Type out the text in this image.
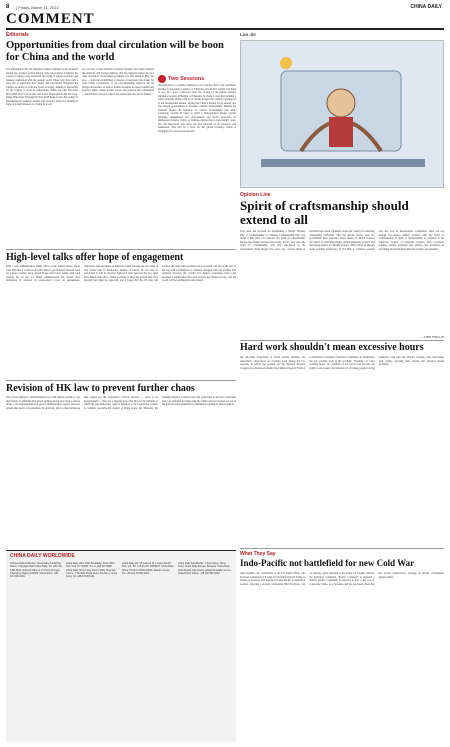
8 | Friday, March 11, 2022	CHINA DAILY
COMMENT
Editorials
Opportunities from dual circulation will be boon for China and the world
It is indisputable that the emphasis China is putting on the domestic market has sparked worries among some who believe it implies the country is taking a step backward and trying to reduce economic and business interaction with the outside world. Those who hold such a view fail to appreciate how deeply and irreversibly integrated the Chinese economy is with the world economy, making it impossible for the country to sever its connections. While the 14th Five-Year Plan (2021-25) for Economic and Social Development and the Long-Range Objectives Through the Year 2035 make it clear the country is prioritizing the domestic market, that does not mean it is turning its back on foreign markets or closing its doors.
It is in view of the mutually boosting dynamic that exists between the domestic and foreign markets, that has happened since the new 'dual circulation' development paradigm was first raised in May last year — from the establishing of dozens of integrated pilot zones for cross-border e-commerce, to an ever-shortening negative list for foreign investment, as well as further measures to protect intellectual property rights, widen market access and promote fair competition — should have served to dispel any doubts that exist about China's
Two Sessions
determination to continue opening up its economy. But if any remained, Premier Li Keqiang's remarks on Thursday should have finally laid them to rest. In a news conference after the closing of the annual national legislative session in Beijing on Thursday, he made it clear that building a robust domestic market will by no means hamper the country's opening up to the international market, saying that China's market is big enough and has enough opportunities to promote common development. Making the domestic market the mainstay for China's development will entail advancing reforms in order to build a high-standard market system featuring strengthened law enforcement and better protection of intellectual property rights. A Chinese market that is increasingly open, fair and innovative will serve the best interests of all investors and businesses. This will be a boon for the global economy, which is struggling for recovery and growth.
Luo Jie
Opinion Line
Spirit of craftsmanship should extend to all
Ever since the proposal for establishing a 'Model Workers Day' of Craftsmanship' or 'Chinese Craftsmanship Day' was raised at this year's two sessions, the 'spirit of craftsmanship' has become further discussed in society. In fact, ever since the 'spirit of craftsmanship' was first introduced in the Government Work Report five years ago, various kinds of activities have been organized across the country for selecting 'outstanding craftsmen'. That the private sectors were not government have adopted various means of skilled workers are aimed at cultivating highly skilled industrial workers and increasing respect for 'skilled workers'. Diffi culties in engines needs welding technology in Yao Bin, a 'common consent' who has won an international competition, there are not enough free-agency skilled workers with the 'spirit of craftsmanship'. If 'spirit of craftsmanship' is compared to the 'supporter' bolster' of industrial workers, then vocational training, quality treatment and welfare, and incentives in reforming and promoting industrial workers are essential.
— CHEN FENGLIN
High-level talks offer hope of engagement
With a new administration taking office in the United States, hopes were high that it would work with China to get bilateral relations back on a more positive track. Those hopes have been fading with each passing day as the Joe Biden administration has shown little inclination to abandon its predecessor's focus on engagement. Thursday's announcement of high-level talks between the two sides in four weeks' time in Anchorage, Alaska, on March 18, can only be welcomed. It will be the first high-level talks between the two sides since Biden took office. China is willing to share the bottom line of its position that must be respected, and it hopes that the US side will conduct the talks with goodwill and good faith, and put at the end of the day with a willingness to continue engaging with one another. The relations between the world's two largest economies have long assumed a significance that goes beyond the bilateral scope, and the world will be watching the talks closely.
Hard work shouldn't mean excessive hours
An All-China Federation of Trade Unions member and researcher's observation on overtime work during the two sessions, in which she pointed out the National People's Congress has discussed whether the Chinese People's Political Consultative Conference National Committee on Wednesday has put overtime work in the spotlight. 'Overtime', or 'extra working hours', in a number of job sectors has become the norm in our country, the national toll of raising people's living standards, long time the nation's working class well-being, with studies showing their mental and physical health declining.
Revision of HK law to prevent further chaos
The recent attempts to destabilizing forces with radical localists to get their hands on administrative power in Hong Kong have been a serious threat to the implementation of special administrative region's electoral system that need to be remedied. In particular, the so-called primaries they staged for the Legislative Council election — prior to its postponement — that was a flagrant move that showed the methods to which the pan-democratic camp is prepared to the Legislative Council to trammel executive-led system of Hong Kong. On Thursday, the National People's Congress gave the green light to the basic principles and core elements for improving the SAR's electoral system set out in the draft decision submitted for deliberation during its annual session.
What They Say
Indo-Pacific not battlefield for new Cold War
John Aquilino, the commander of the US Pacific Fleet, who had been nominated by Former US president Donald Trump to Senate on Tuesday, said that the US Indo-Pacific Command is tracked, replacing a drop-in commander Phil Davidson, was on Tuesday again stretched to the Senate on Tuesday. Before, the Pentagon confirmed. 'Pacific Command is signaled a 'Pacific Pacific Command' is expected to play a key role in countering China, as it becomes and the sea-based threat that has served predecessor's strategy of marine containment against China.
CHINA DAILY WORLDWIDE
Chinese Daily Publisher: China Daily Publishing House. Copyright 2022 China Daily. Tel: +86 (10) 6491 8631. Editorial office at 15 Huixin Dongjie, Chaoyang, Beijing 100029. Subscription: +86 400 699 0203.
China Daily USA: 1500 Broadway, Suite 2800, New York, NY 10036. Tel: +1 212 537 8888. China Daily Hong Kong: Room 1818, Hing Wai Centre, 7 Tin Wan Praya Road, Aberdeen, Hong Kong. Tel: +852 2518 5111.
China Daily UK: 90 Cannon St, London EC4N 6HA, UK. Tel: +44 (0) 207 398 8270. China Daily Africa: PO Box 27281-00506, Nairobi, Kenya. Tel: +254 (0) 20 692 9001.
China Daily Asia Pacific: 1 Tong Street, Hong Kong. China Daily Europe: Brussels. China Daily Asia Weekly. Advertising: ads@chinadaily.com.cn. Subscription hotline: +86 400 699 0203.
